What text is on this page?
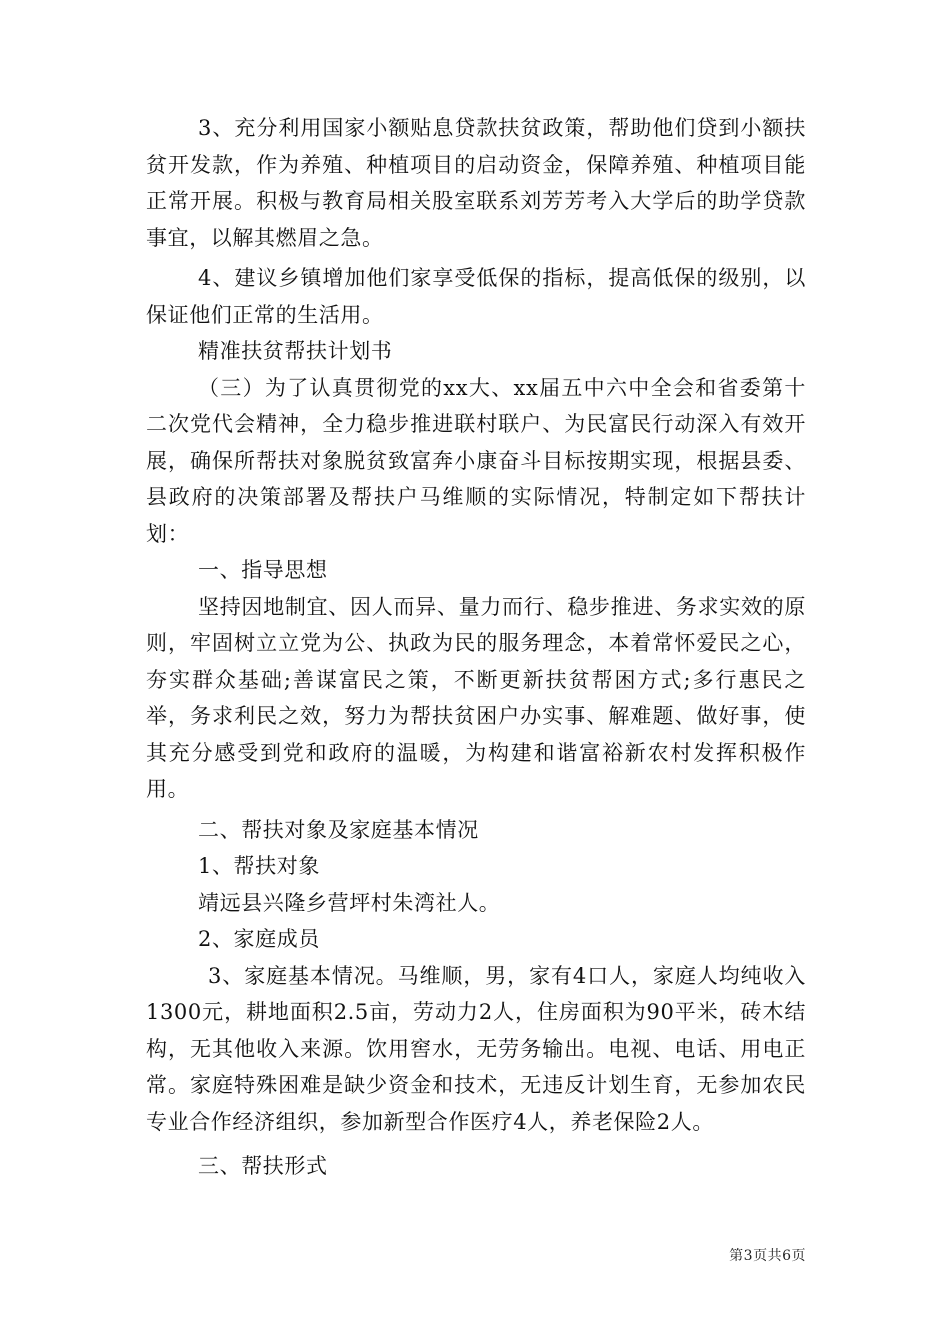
3、充分利用国家小额贴息贷款扶贫政策，帮助他们贷到小额扶贫开发款，作为养殖、种植项目的启动资金，保障养殖、种植项目能正常开展。积极与教育局相关股室联系刘芳芳考入大学后的助学贷款事宜，以解其燃眉之急。

4、建议乡镇增加他们家享受低保的指标，提高低保的级别，以保证他们正常的生活用。

精准扶贫帮扶计划书

（三）为了认真贯彻党的xx大、xx届五中六中全会和省委第十二次党代会精神，全力稳步推进联村联户、为民富民行动深入有效开展，确保所帮扶对象脱贫致富奔小康奋斗目标按期实现，根据县委、县政府的决策部署及帮扶户马维顺的实际情况，特制定如下帮扶计划：

一、指导思想

坚持因地制宜、因人而异、量力而行、稳步推进、务求实效的原则，牢固树立立党为公、执政为民的服务理念，本着常怀爱民之心，夯实群众基础;善谋富民之策，不断更新扶贫帮困方式;多行惠民之举，务求利民之效，努力为帮扶贫困户办实事、解难题、做好事，使其充分感受到党和政府的温暖，为构建和谐富裕新农村发挥积极作用。

二、帮扶对象及家庭基本情况

1、帮扶对象

靖远县兴隆乡营坪村朱湾社人。

2、家庭成员

3、家庭基本情况。马维顺，男，家有4口人，家庭人均纯收入1300元，耕地面积2.5亩，劳动力2人，住房面积为90平米，砖木结构，无其他收入来源。饮用窖水，无劳务输出。电视、电话、用电正常。家庭特殊困难是缺少资金和技术，无违反计划生育，无参加农民专业合作经济组织，参加新型合作医疗4人，养老保险2人。

三、帮扶形式

第3页共6页
